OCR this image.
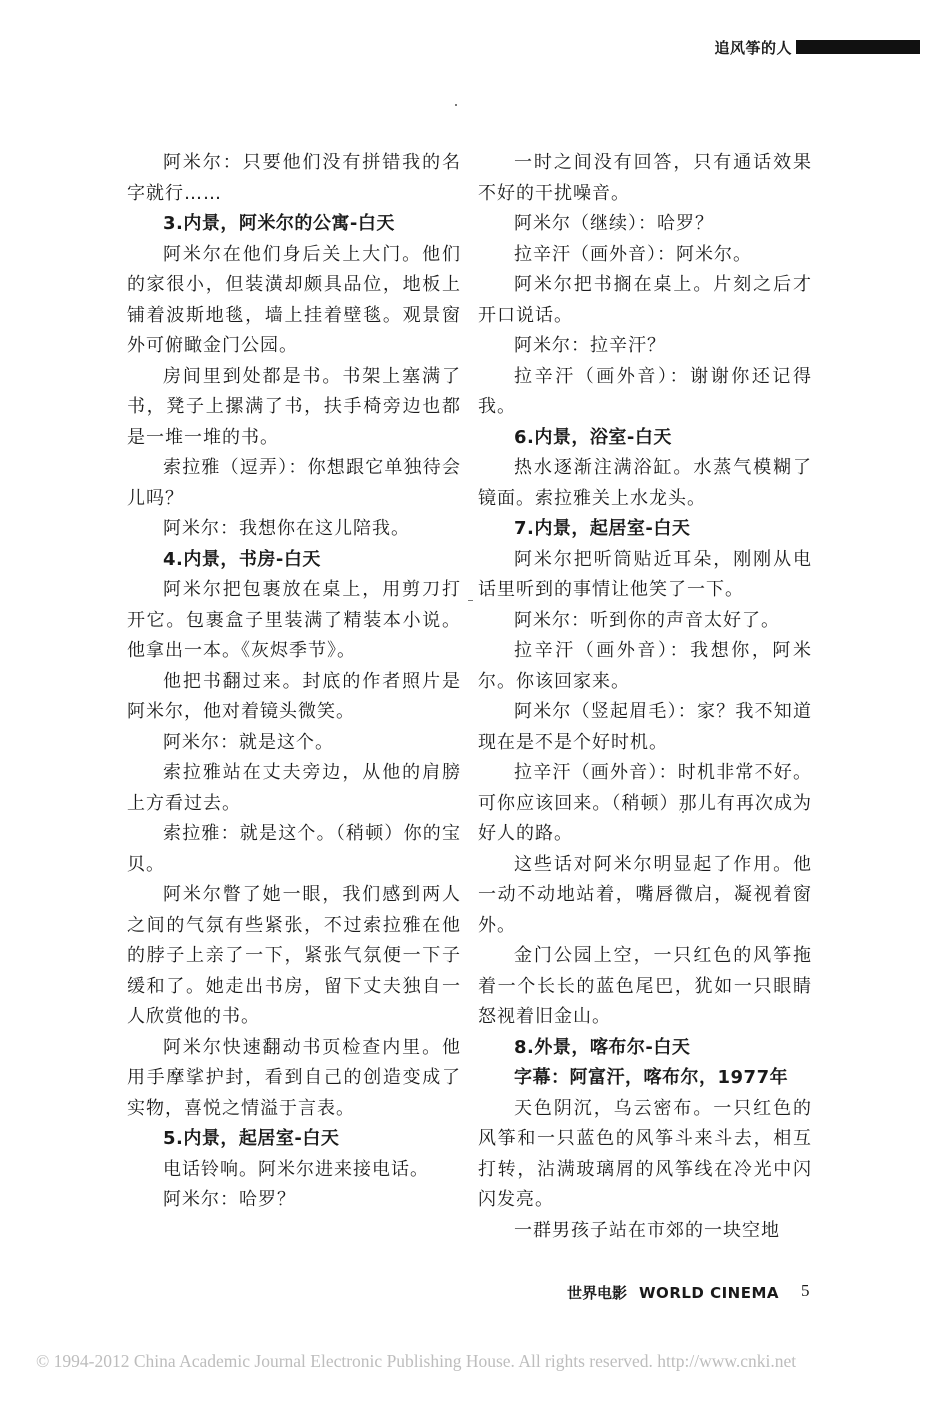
追风筝的人

阿米尔：只要他们没有拼错我的名字就行……

3.内景，阿米尔的公寓-白天

阿米尔在他们身后关上大门。他们的家很小，但装潢却颇具品位，地板上铺着波斯地毯，墙上挂着壁毯。观景窗外可俯瞰金门公园。

房间里到处都是书。书架上塞满了书，凳子上摞满了书，扶手椅旁边也都是一堆一堆的书。

索拉雅（逗弄）：你想跟它单独待会儿吗？

阿米尔：我想你在这儿陪我。

4.内景，书房-白天

阿米尔把包裹放在桌上，用剪刀打开它。包裹盒子里装满了精装本小说。他拿出一本。《灰烬季节》。

他把书翻过来。封底的作者照片是阿米尔，他对着镜头微笑。

阿米尔：就是这个。

索拉雅站在丈夫旁边，从他的肩膀上方看过去。

索拉雅：就是这个。（稍顿）你的宝贝。

阿米尔瞥了她一眼，我们感到两人之间的气氛有些紧张，不过索拉雅在他的脖子上亲了一下，紧张气氛便一下子缓和了。她走出书房，留下丈夫独自一人欣赏他的书。

阿米尔快速翻动书页检查内里。他用手摩挲护封，看到自己的创造变成了实物，喜悦之情溢于言表。

5.内景，起居室-白天

电话铃响。阿米尔进来接电话。

阿米尔：哈罗？

一时之间没有回答，只有通话效果不好的干扰噪音。

阿米尔（继续）：哈罗？

拉辛汗（画外音）：阿米尔。

阿米尔把书搁在桌上。片刻之后才开口说话。

阿米尔：拉辛汗？

拉辛汗（画外音）：谢谢你还记得我。

6.内景，浴室-白天

热水逐渐注满浴缸。水蒸气模糊了镜面。索拉雅关上水龙头。

7.内景，起居室-白天

阿米尔把听筒贴近耳朵，刚刚从电话里听到的事情让他笑了一下。

阿米尔：听到你的声音太好了。

拉辛汗（画外音）：我想你，阿米尔。你该回家来。

阿米尔（竖起眉毛）：家？我不知道现在是不是个好时机。

拉辛汗（画外音）：时机非常不好。可你应该回来。（稍顿）那儿有再次成为好人的路。

这些话对阿米尔明显起了作用。他一动不动地站着，嘴唇微启，凝视着窗外。

金门公园上空，一只红色的风筝拖着一个长长的蓝色尾巴，犹如一只眼睛怒视着旧金山。

8.外景，喀布尔-白天

字幕：阿富汗，喀布尔，1977年

天色阴沉，乌云密布。一只红色的风筝和一只蓝色的风筝斗来斗去，相互打转，沾满玻璃屑的风筝线在冷光中闪闪发亮。

一群男孩子站在市郊的一块空地

世界电影 WORLD CINEMA 5
© 1994-2012 China Academic Journal Electronic Publishing House. All rights reserved. http://www.cnki.net
